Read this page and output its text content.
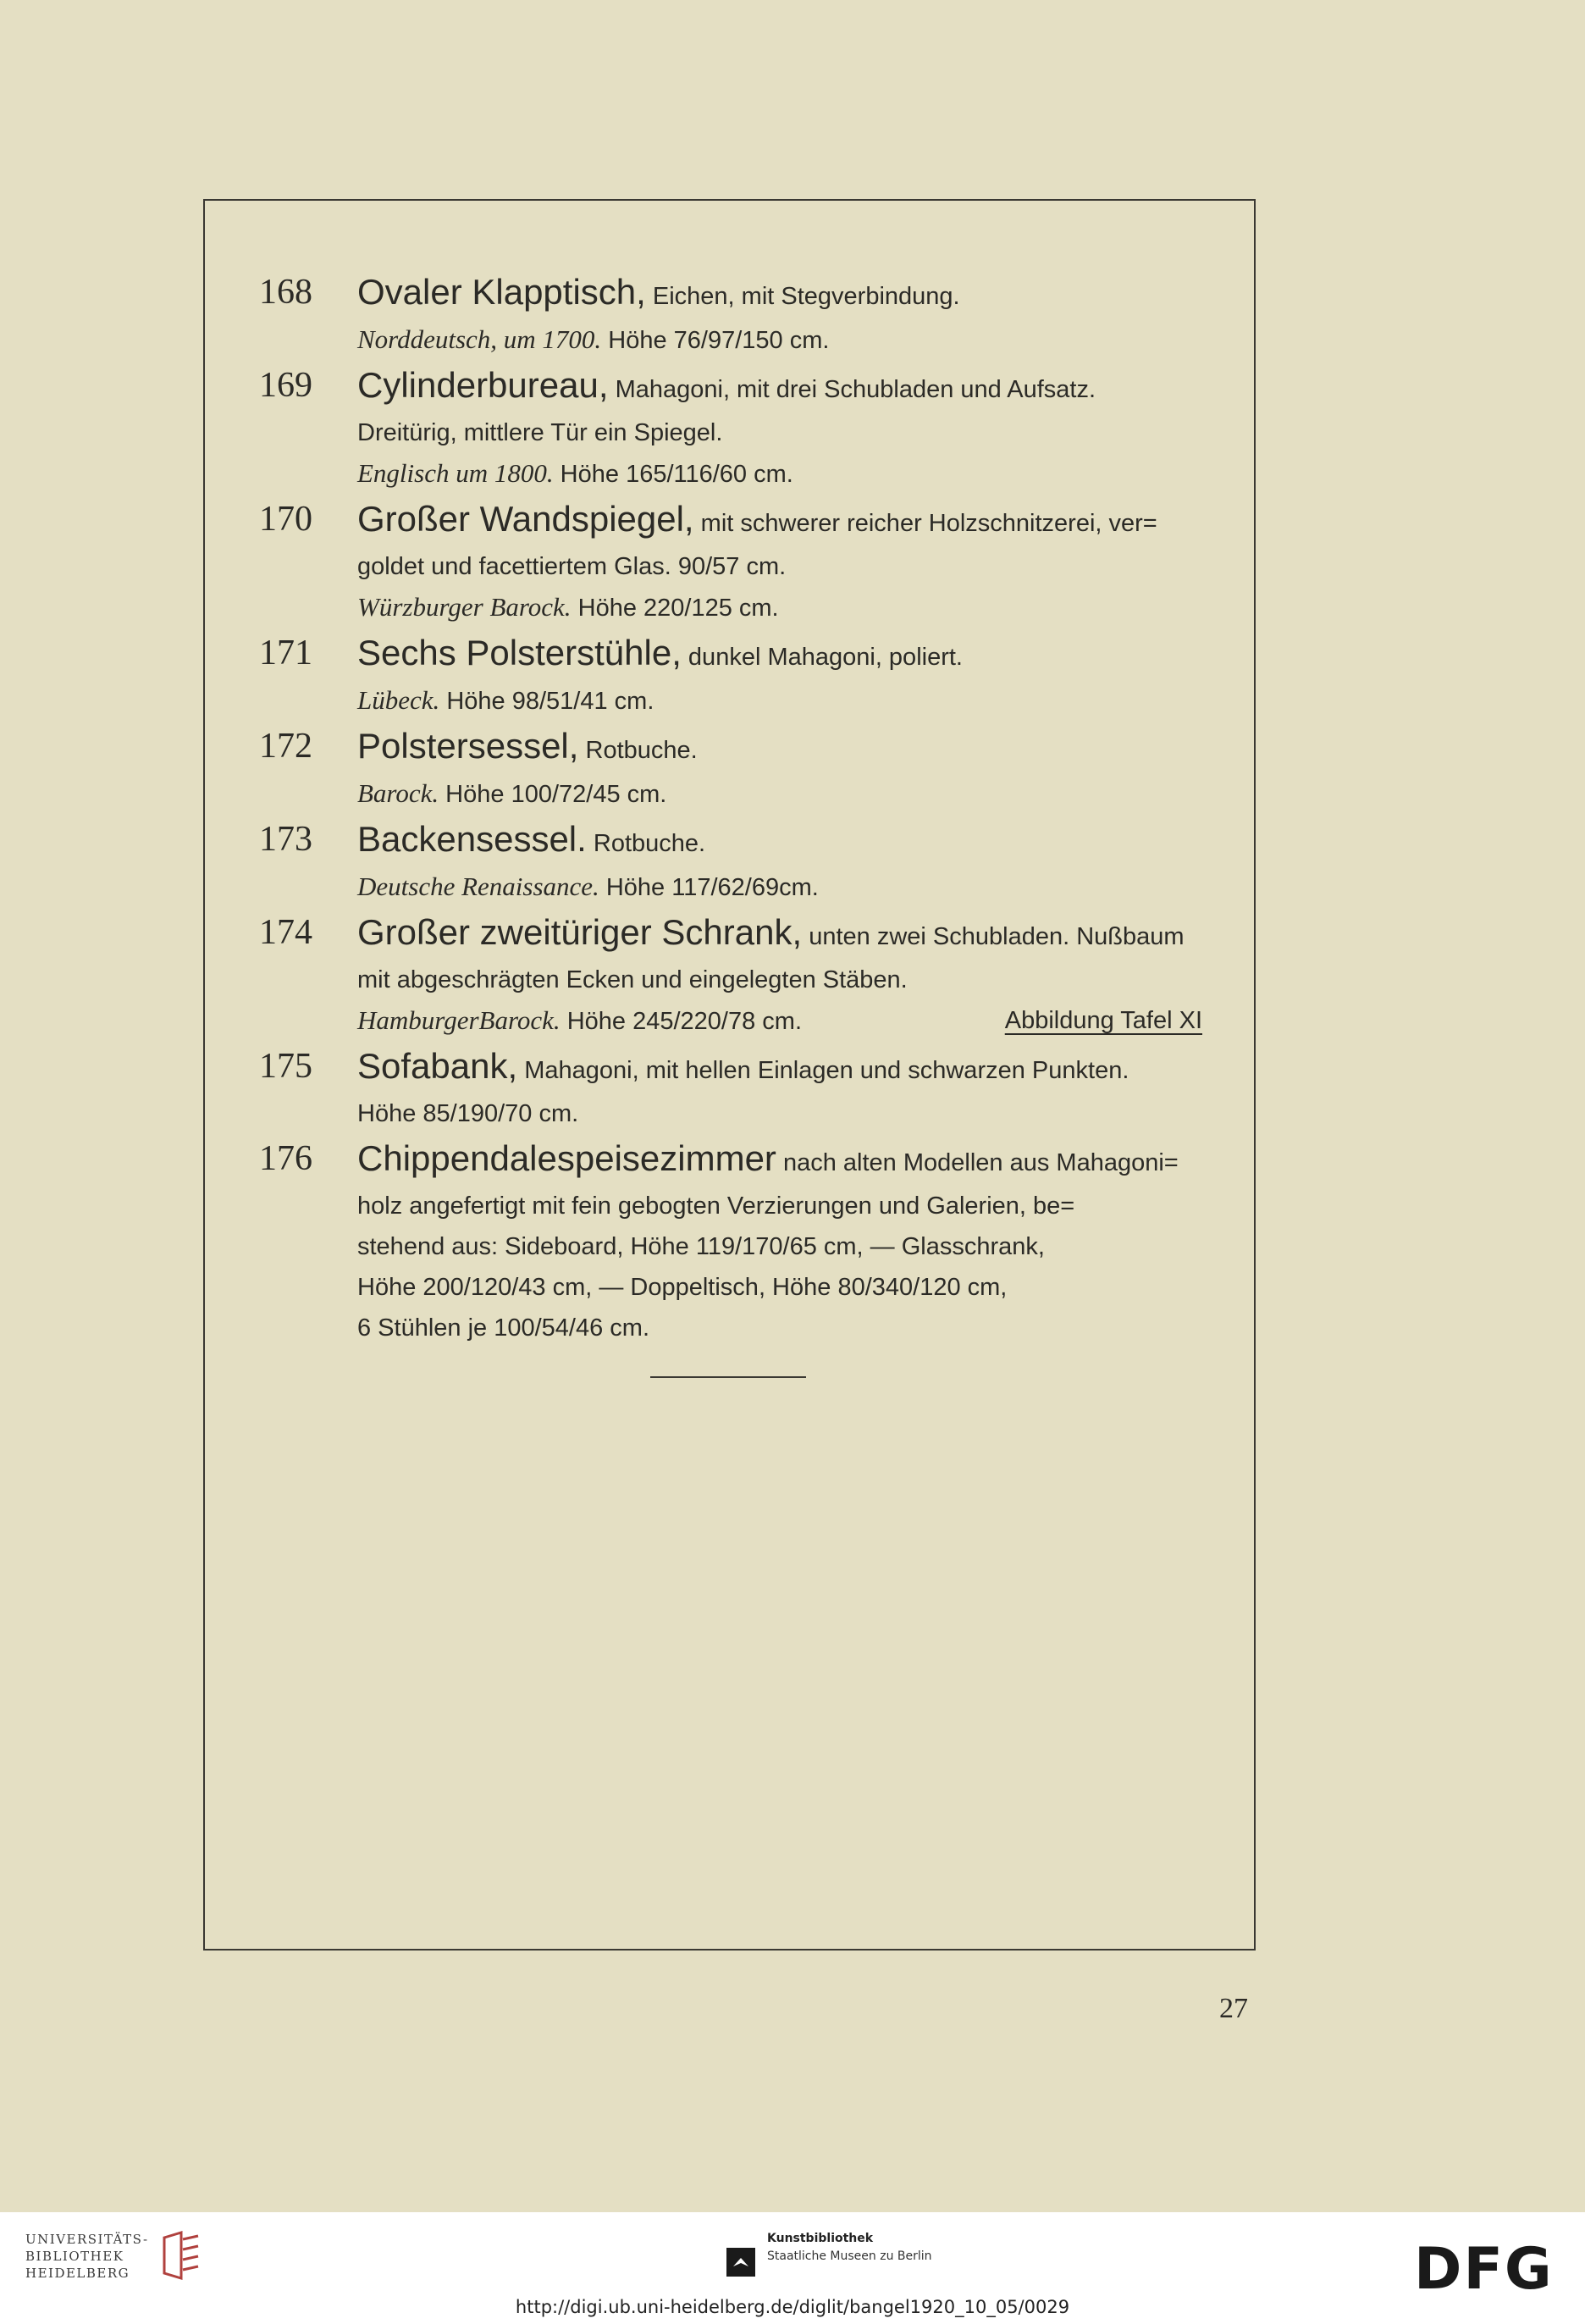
168 Ovaler Klapptisch, Eichen, mit Stegverbindung.
Norddeutsch, um 1700. Höhe 76/97/150 cm.
169 Cylinderbureau, Mahagoni, mit drei Schubladen und Aufsatz.
Dreitürig, mittlere Tür ein Spiegel.
Englisch um 1800. Höhe 165/116/60 cm.
170 Großer Wandspiegel, mit schwerer reicher Holzschnitzerei, ver=
goldet und facettiertem Glas. 90/57 cm.
Würzburger Barock. Höhe 220/125 cm.
171 Sechs Polsterstühle, dunkel Mahagoni, poliert.
Lübeck. Höhe 98/51/41 cm.
172 Polstersessel, Rotbuche.
Barock. Höhe 100/72/45 cm.
173 Backensessel. Rotbuche.
Deutsche Renaissance. Höhe 117/62/69cm.
174 Großer zweitüriger Schrank, unten zwei Schubladen. Nußbaum
mit abgeschrägten Ecken und eingelegten Stäben.
HamburgerBarock. Höhe 245/220/78 cm.	Abbildung Tafel XI
175 Sofabank, Mahagoni, mit hellen Einlagen und schwarzen Punkten.
Höhe 85/190/70 cm.
176 Chippendalespeisezimmer nach alten Modellen aus Mahagoni=
holz angefertigt mit fein gebogten Verzierungen und Galerien, be=
stehend aus: Sideboard, Höhe 119/170/65 cm, — Glasschrank,
Höhe 200/120/43 cm, — Doppeltisch, Höhe 80/340/120 cm,
6 Stühlen je 100/54/46 cm.
27
UNIVERSITÄTS-
BIBLIOTHEK
HEIDELBERG
Kunstbibliothek
Staatliche Museen zu Berlin	DFG
http://digi.ub.uni-heidelberg.de/diglit/bangel1920_10_05/0029
